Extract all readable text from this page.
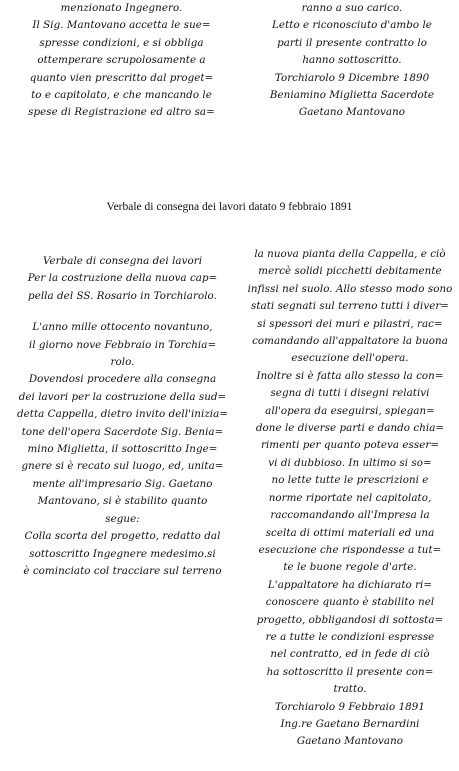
menzionato Ingegnero.
Il Sig. Mantovano accetta le sue=
spresse condizioni, e si obbliga
ottemperare scrupolosamente a
quanto vien prescritto dal proget=
to e capitolato, e che mancando le
spese di Registrazione ed altro sa=
ranno a suo carico.
Letto e riconosciuto d'ambo le
parti il presente contratto lo
hanno sottoscritto.
Torchiarolo 9 Dicembre 1890
Beniamino Miglietta Sacerdote
Gaetano Mantovano
Verbale di consegna dei lavori datato 9 febbraio 1891
Verbale di consegna dei lavori
Per la costruzione della nuova cap=
pella del SS. Rosario in Torchiarolo.
L'anno mille ottocento novantuno,
il giorno nove Febbraio in Torchia=
rolo.
Dovendosi procedere alla consegna
dei lavori per la costruzione della sud=
detta Cappella, dietro invito dell'inizia=
tone dell'opera Sacerdote Sig. Benia=
mino Miglietta, il sottoscritto Inge=
gnere si è recato sul luogo, ed, unita=
mente all'impresario Sig. Gaetano
Mantovano, si è stabilito quanto
segue:
Colla scorta del progetto, redatto dal
sottoscritto Ingegnere medesimo.si
è cominciato col tracciare sul terreno
la nuova pianta della Cappella, e ciò
mercè solidi picchetti debitamente
infissi nel suolo. Allo stesso modo sono
stati segnati sul terreno tutti i diver=
si spessori dei muri e pilastri, rac=
comandando all'appaltatore la buona
esecuzione dell'opera.
Inoltre si è fatta allo stesso la con=
segna di tutti i disegni relativi
all'opera da eseguirsi, spiegan=
done le diverse parti e dando chia=
rimenti per quanto poteva esser=
vi di dubbioso. In ultimo si so=
no lette tutte le prescrizioni e
norme riportate nel capitolato,
raccomandando all'Impresa la
scelta di ottimi materiali ed una
esecuzione che rispondesse a tut=
te le buone regole d'arte.
L'appaltatore ha dichiarato ri=
conoscere quanto è stabilito nel
progetto, obbligandosi di sottosta=
re a tutte le condizioni espresse
nel contratto, ed in fede di ciò
ha sottoscritto il presente con=
tratto.
Torchiarolo 9 Febbraio 1891
Ing.re Gaetano Bernardini
Gaetano Mantovano
